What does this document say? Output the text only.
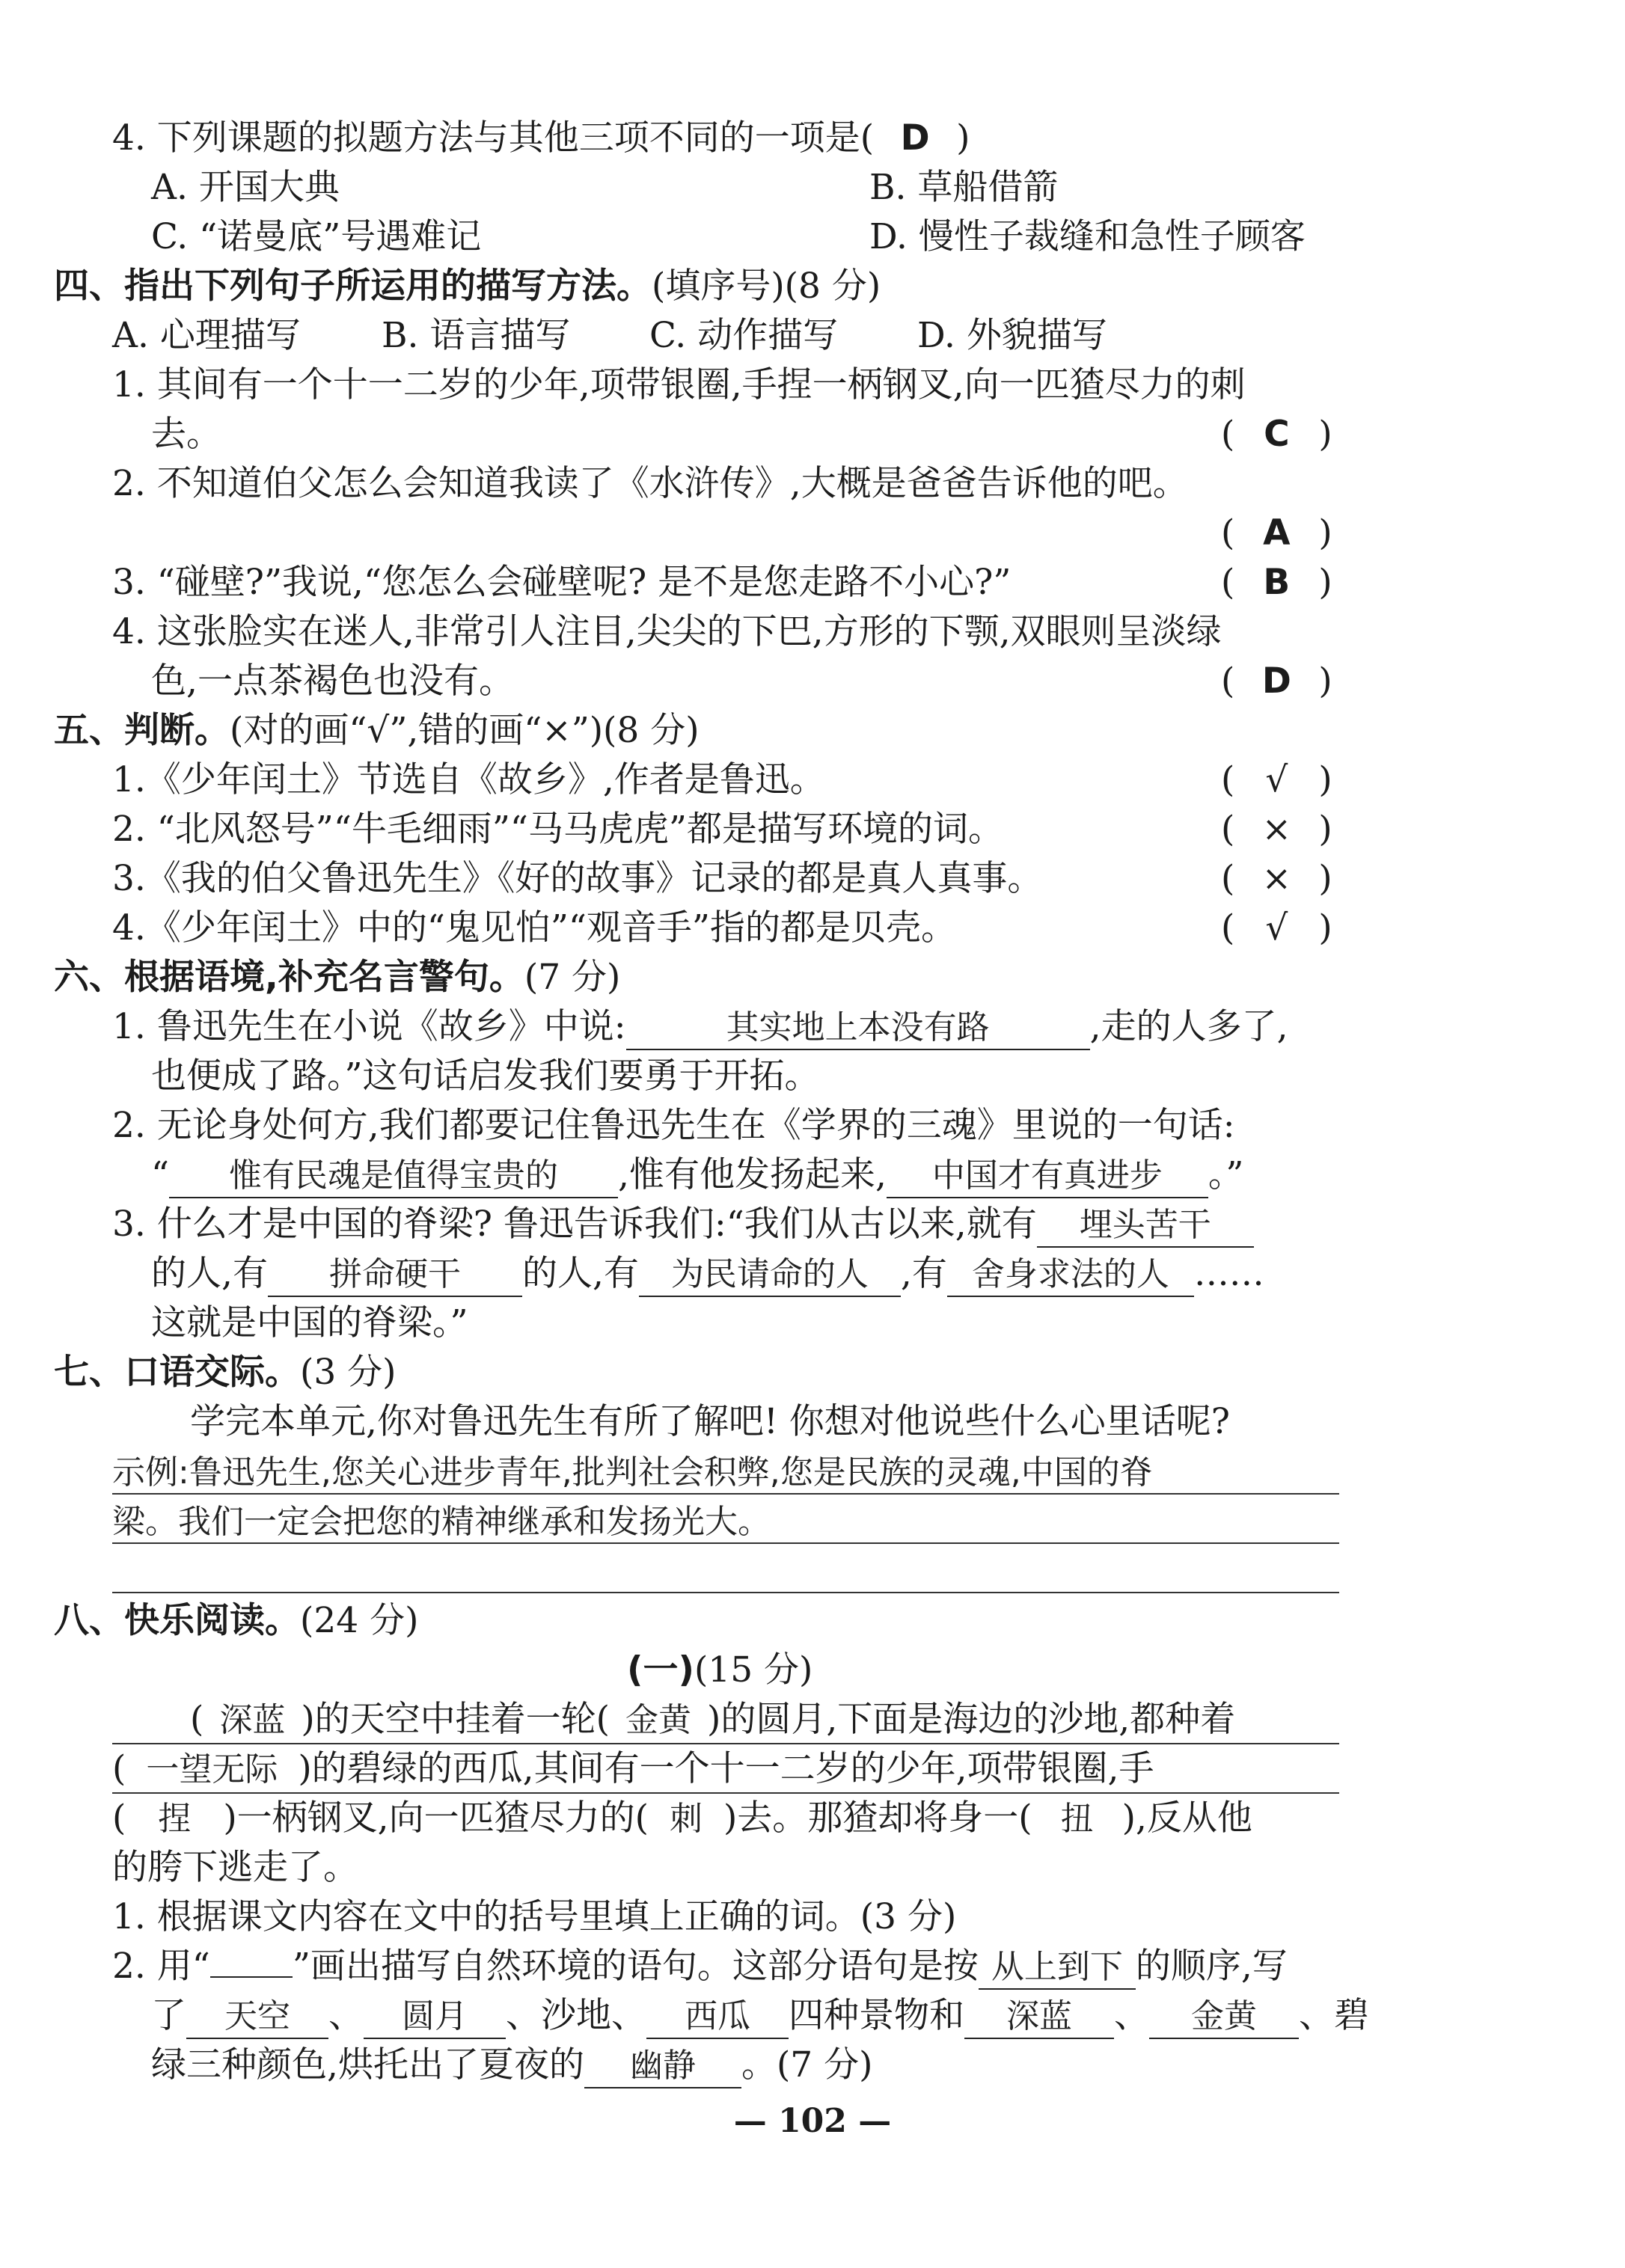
4. 下列课题的拟题方法与其他三项不同的一项是( D )
A. 开国大典	B. 草船借箭
C. “诺曼底”号遇难记	D. 慢性子裁缝和急性子顾客
四、指出下列句子所运用的描写方法。(填序号)(8 分)
A. 心理描写 B. 语言描写 C. 动作描写 D. 外貌描写
1. 其间有一个十一二岁的少年,项带银圈,手捏一柄钢叉,向一匹猹尽力的刺
去。	( C )
2. 不知道伯父怎么会知道我读了《水浒传》,大概是爸爸告诉他的吧。
( A )
3. “碰壁?”我说,“您怎么会碰壁呢? 是不是您走路不小心?”	( B )
4. 这张脸实在迷人,非常引人注目,尖尖的下巴,方形的下颚,双眼则呈淡绿
色,一点茶褐色也没有。	( D )
五、判断。(对的画“√”,错的画“×”)(8 分)
1.《少年闰土》节选自《故乡》,作者是鲁迅。	( √ )
2. “北风怒号”“牛毛细雨”“马马虎虎”都是描写环境的词。	( × )
3.《我的伯父鲁迅先生》《好的故事》记录的都是真人真事。	( × )
4.《少年闰土》中的“鬼见怕”“观音手”指的都是贝壳。	( √ )
六、根据语境,补充名言警句。(7 分)
1. 鲁迅先生在小说《故乡》中说:	其实地上本没有路	,走的人多了,
也便成了路。”这句话启发我们要勇于开拓。
2. 无论身处何方,我们都要记住鲁迅先生在《学界的三魂》里说的一句话:
“ 惟有民魂是值得宝贵的 ,惟有他发扬起来, 中国才有真进步 。”
3. 什么才是中国的脊梁? 鲁迅告诉我们:“我们从古以来,就有 埋头苦干
的人,有 拼命硬干 的人,有 为民请命的人 ,有 舍身求法的人 ……
这就是中国的脊梁。”
七、口语交际。(3 分)
学完本单元,你对鲁迅先生有所了解吧! 你想对他说些什么心里话呢?
示例:鲁迅先生,您关心进步青年,批判社会积弊,您是民族的灵魂,中国的脊
梁。我们一定会把您的精神继承和发扬光大。
八、快乐阅读。(24 分)
(一)(15 分)
( 深蓝 )的天空中挂着一轮( 金黄 )的圆月,下面是海边的沙地,都种着
( 一望无际 )的碧绿的西瓜,其间有一个十一二岁的少年,项带银圈,手
( 捏 )一柄钢叉,向一匹猹尽力的( 刺 )去。那猹却将身一( 扭 ),反从他
的胯下逃走了。
1. 根据课文内容在文中的括号里填上正确的词。(3 分)
2. 用“ ”画出描写自然环境的语句。这部分语句是按 从上到下 的顺序,写
了 天空 、 圆月 、沙地、 西瓜 四种景物和 深蓝 、 金黄 、碧
绿三种颜色,烘托出了夏夜的 幽静 。(7 分)
— 102 —
